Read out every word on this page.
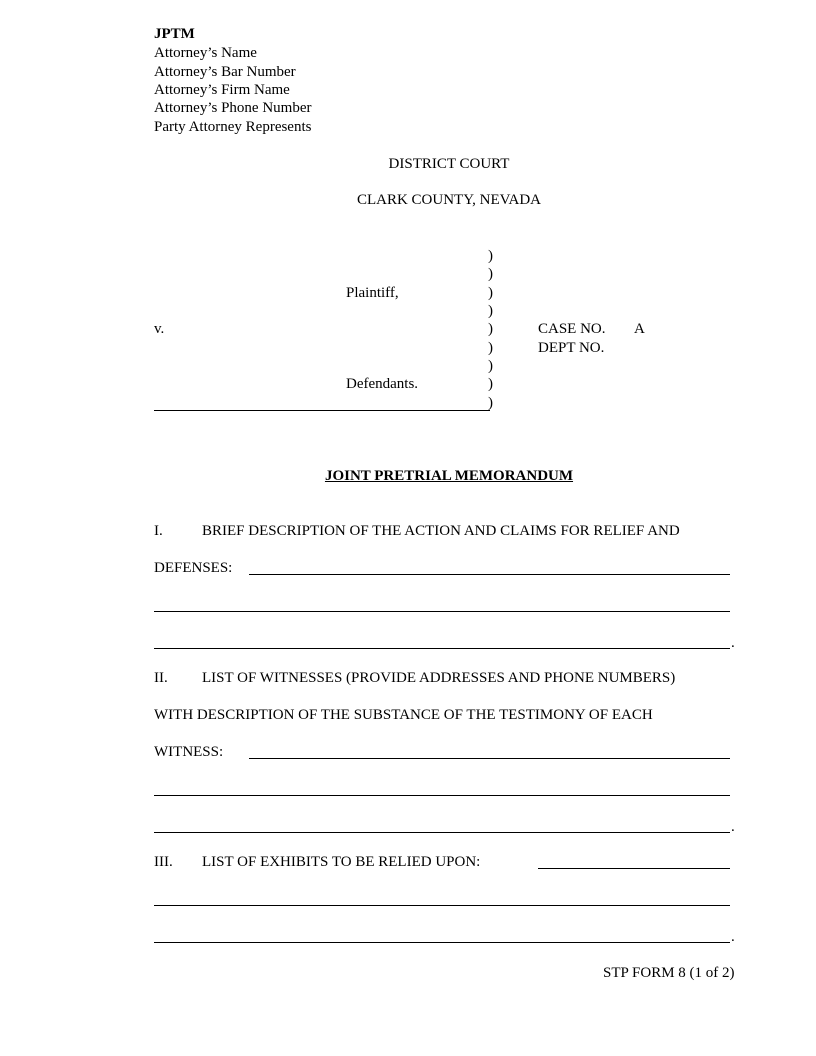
JPTM
Attorney’s Name
Attorney’s Bar Number
Attorney’s Firm Name
Attorney’s Phone Number
Party Attorney Represents
DISTRICT COURT
CLARK COUNTY, NEVADA
)
)
)
)
)
)
)
)
)
Plaintiff,
v.
Defendants.
CASE NO. A
DEPT NO.
JOINT PRETRIAL MEMORANDUM
I.	BRIEF DESCRIPTION OF THE ACTION AND CLAIMS FOR RELIEF AND
DEFENSES:
.
II. LIST OF WITNESSES (PROVIDE ADDRESSES AND PHONE NUMBERS)
WITH DESCRIPTION OF THE SUBSTANCE OF THE TESTIMONY OF EACH
WITNESS:
.
III. LIST OF EXHIBITS TO BE RELIED UPON:
.
STP FORM 8 (1 of 2)
